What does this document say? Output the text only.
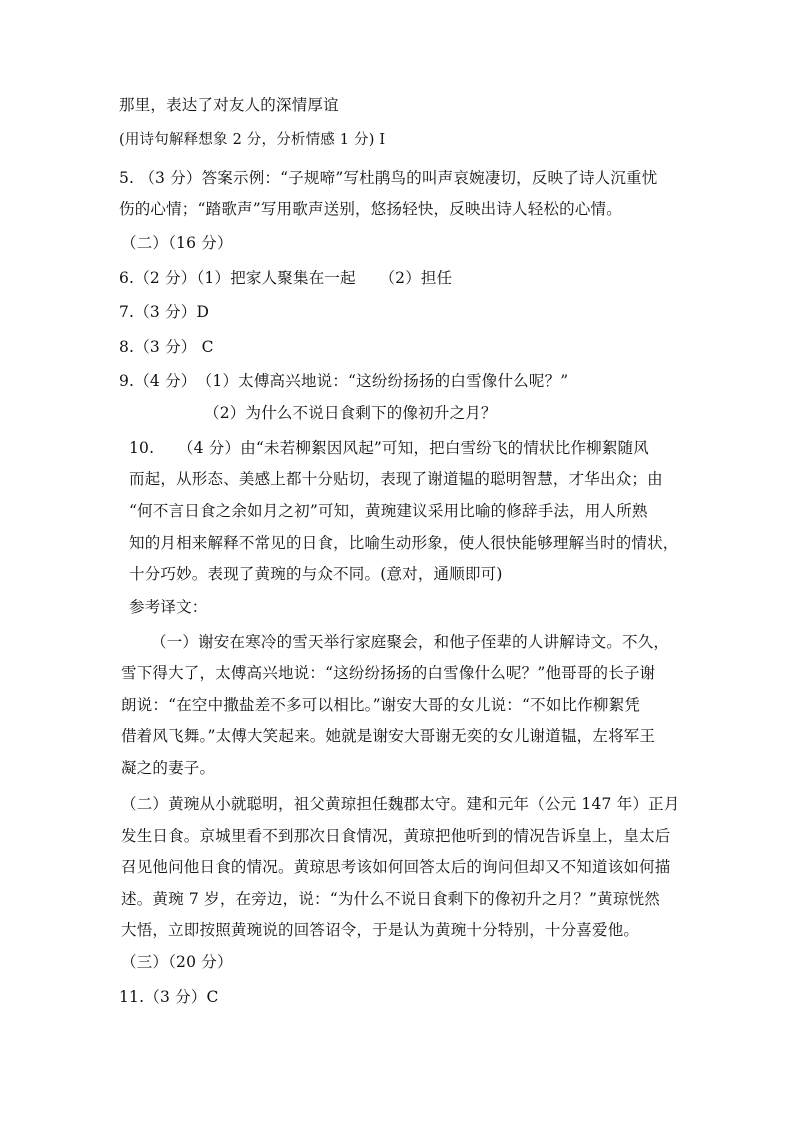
那里，表达了对友人的深情厚谊
(用诗句解释想象 2 分，分析情感 1 分) I
5. （3 分）答案示例：“子规啼”写杜鹃鸟的叫声哀婉凄切，反映了诗人沉重忧
伤的心情；“踏歌声”写用歌声送别，悠扬轻快，反映出诗人轻松的心情。
（二）（16 分）
6.（2 分）（1）把家人聚集在一起　　（2）担任
7.（3 分）D
8.（3 分） C
9.（4 分）　（1）太傅高兴地说：“这纷纷扬扬的白雪像什么呢？”
（2）为什么不说日食剩下的像初升之月？
10.　　（4 分）由“未若柳絮因风起”可知，把白雪纷飞的情状比作柳絮随风
而起，从形态、美感上都十分贴切，表现了谢道韫的聪明智慧，才华出众；由
“何不言日食之余如月之初”可知，黄琬建议采用比喻的修辞手法，用人所熟
知的月相来解释不常见的日食，比喻生动形象，使人很快能够理解当时的情状，
十分巧妙。表现了黄琬的与众不同。(意对，通顺即可)
参考译文：
（一）谢安在寒冷的雪天举行家庭聚会，和他子侄辈的人讲解诗文。不久，
雪下得大了，太傅高兴地说：“这纷纷扬扬的白雪像什么呢？”他哥哥的长子谢
朗说：“在空中撒盐差不多可以相比。”谢安大哥的女儿说：“不如比作柳絮凭
借着风飞舞。”太傅大笑起来。她就是谢安大哥谢无奕的女儿谢道韫，左将军王
凝之的妻子。
（二）黄琬从小就聪明，祖父黄琼担任魏郡太守。建和元年（公元 147 年）正月
发生日食。京城里看不到那次日食情况，黄琼把他听到的情况告诉皇上，皇太后
召见他问他日食的情况。黄琼思考该如何回答太后的询问但却又不知道该如何描
述。黄琬 7 岁，在旁边，说：“为什么不说日食剩下的像初升之月？”黄琼恍然
大悟，立即按照黄琬说的回答诏令，于是认为黄琬十分特别，十分喜爱他。
（三）（20 分）
11.（3 分）C
